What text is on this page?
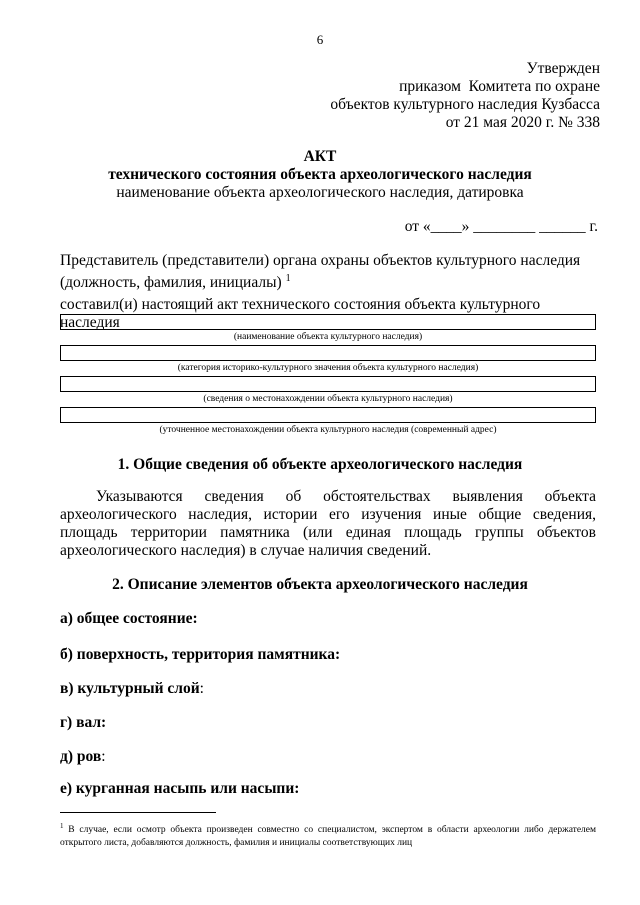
6
Утвержден
приказом  Комитета по охране
объектов культурного наследия Кузбасса
от 21 мая 2020 г. № 338
АКТ
технического состояния объекта археологического наследия
наименование объекта археологического наследия, датировка
от «____» ________ ______ г.
Представитель (представители) органа охраны объектов культурного наследия (должность, фамилия, инициалы) $^1$
составил(и) настоящий акт технического состояния объекта культурного наследия
(наименование объекта культурного наследия)
(категория историко-культурного значения объекта культурного наследия)
(сведения о местонахождении объекта культурного наследия)
(уточненное местонахождении объекта культурного наследия (современный адрес)
1. Общие сведения об объекте археологического наследия
Указываются сведения об обстоятельствах выявления объекта археологического наследия, истории его изучения иные общие сведения, площадь территории памятника (или единая площадь группы объектов археологического наследия) в случае наличия сведений.
2. Описание элементов объекта археологического наследия
а) общее состояние:
б) поверхность, территория памятника:
в) культурный слой:
г) вал:
д) ров:
е) курганная насыпь или насыпи:
$^1$ В случае, если осмотр объекта произведен совместно со специалистом, экспертом в области археологии либо держателем открытого листа, добавляются должность, фамилия и инициалы соответствующих лиц
